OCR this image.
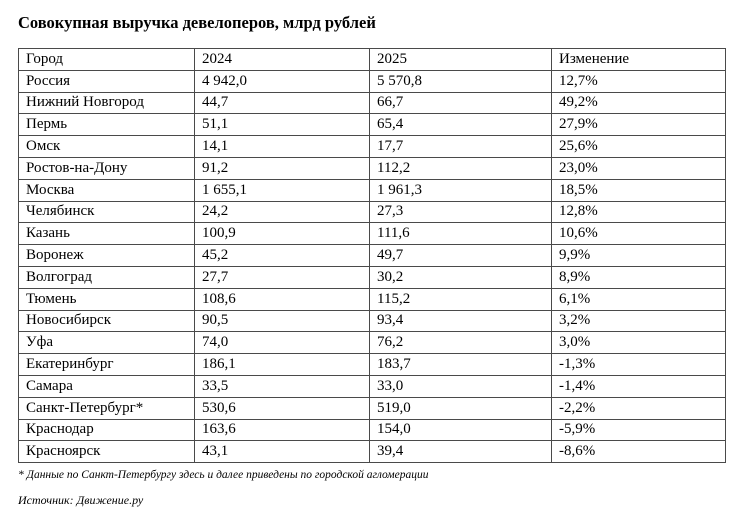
Совокупная выручка девелоперов, млрд рублей
Город	2024	2025	Изменение
Россия	4 942,0	5 570,8	12,7%
Нижний Новгород	44,7	66,7	49,2%
Пермь	51,1	65,4	27,9%
Омск	14,1	17,7	25,6%
Ростов-на-Дону	91,2	112,2	23,0%
Москва	1 655,1	1 961,3	18,5%
Челябинск	24,2	27,3	12,8%
Казань	100,9	111,6	10,6%
Воронеж	45,2	49,7	9,9%
Волгоград	27,7	30,2	8,9%
Тюмень	108,6	115,2	6,1%
Новосибирск	90,5	93,4	3,2%
Уфа	74,0	76,2	3,0%
Екатеринбург	186,1	183,7	-1,3%
Самара	33,5	33,0	-1,4%
Санкт-Петербург*	530,6	519,0	-2,2%
Краснодар	163,6	154,0	-5,9%
Красноярск	43,1	39,4	-8,6%
* Данные по Санкт-Петербургу здесь и далее приведены по городской агломерации
Источник: Движение.ру
